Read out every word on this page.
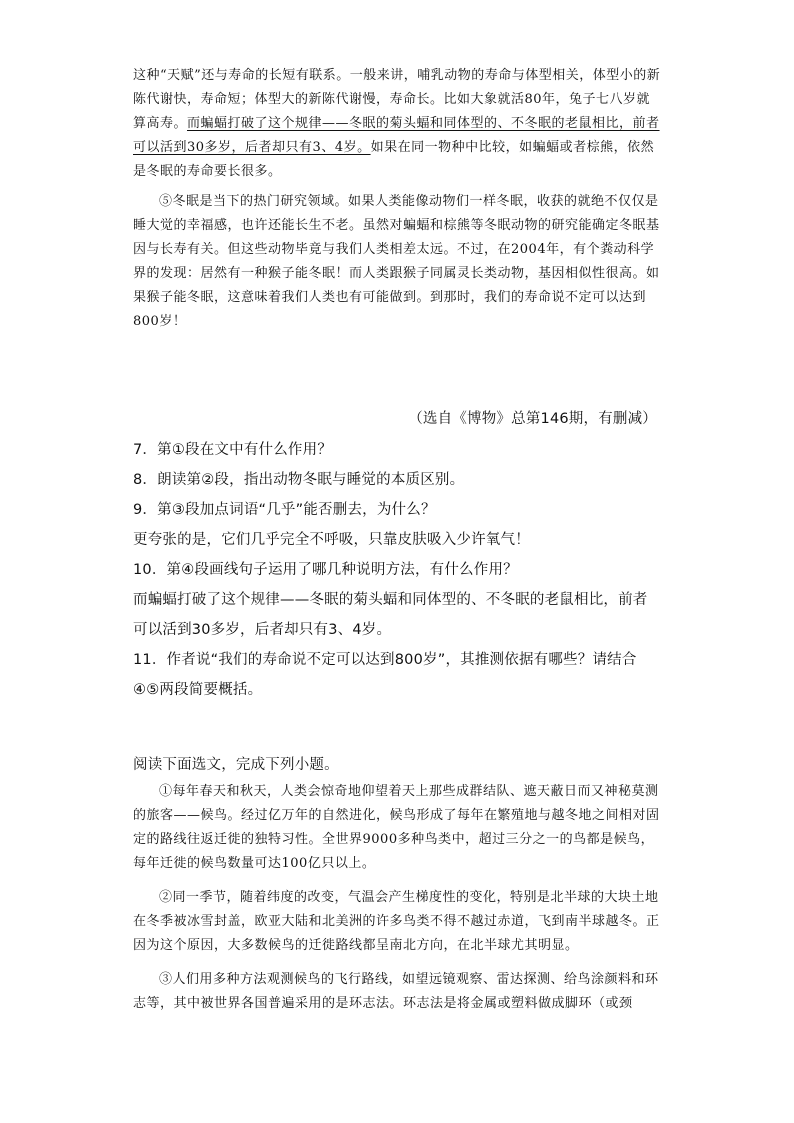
这种“天赋”还与寿命的长短有联系。一般来讲，哺乳动物的寿命与体型相关，体型小的新陈代谢快，寿命短；体型大的新陈代谢慢，寿命长。比如大象就活80年，兔子七八岁就算高寿。而蝙蝠打破了这个规律——冬眠的菊头蝠和同体型的、不冬眠的老鼠相比，前者可以活到30多岁，后者却只有3、4岁。如果在同一物种中比较，如蝙蝠或者棕熊，依然是冬眠的寿命要长很多。

⑤冬眠是当下的热门研究领域。如果人类能像动物们一样冬眠，收获的就绝不仅仅是睡大觉的幸福感，也许还能长生不老。虽然对蝙蝠和棕熊等冬眠动物的研究能确定冬眠基因与长寿有关。但这些动物毕竟与我们人类相差太远。不过，在2004年，有个粪动科学界的发现：居然有一种猴子能冬眠！而人类跟猴子同属灵长类动物，基因相似性很高。如果猴子能冬眠，这意味着我们人类也有可能做到。到那时，我们的寿命说不定可以达到800岁！

（选自《博物》总第146期，有删减）

7．第①段在文中有什么作用？

8．朗读第②段，指出动物冬眠与睡觉的本质区别。

9．第③段加点词语“几乎”能否删去，为什么？

更夸张的是，它们几乎完全不呼吸，只靠皮肤吸入少许氧气！

10．第④段画线句子运用了哪几种说明方法，有什么作用？

而蝙蝠打破了这个规律——冬眠的菊头蝠和同体型的、不冬眠的老鼠相比，前者可以活到30多岁，后者却只有3、4岁。

11．作者说“我们的寿命说不定可以达到800岁”，其推测依据有哪些？请结合④⑤两段简要概括。

阅读下面选文，完成下列小题。

①每年春天和秋天，人类会惊奇地仰望着天上那些成群结队、遮天蔽日而又神秘莫测的旅客——候鸟。经过亿万年的自然进化，候鸟形成了每年在繁殖地与越冬地之间相对固定的路线往返迁徙的独特习性。全世界9000多种鸟类中，超过三分之一的鸟都是候鸟，每年迁徙的候鸟数量可达100亿只以上。

②同一季节，随着纬度的改变，气温会产生梯度性的变化，特别是北半球的大块土地在冬季被冰雪封盖，欧亚大陆和北美洲的许多鸟类不得不越过赤道，飞到南半球越冬。正因为这个原因，大多数候鸟的迁徙路线都呈南北方向，在北半球尤其明显。

③人们用多种方法观测候鸟的飞行路线，如望远镜观察、雷达探测、给鸟涂颜料和环志等，其中被世界各国普遍采用的是环志法。环志法是将金属或塑料做成脚环（或颈
